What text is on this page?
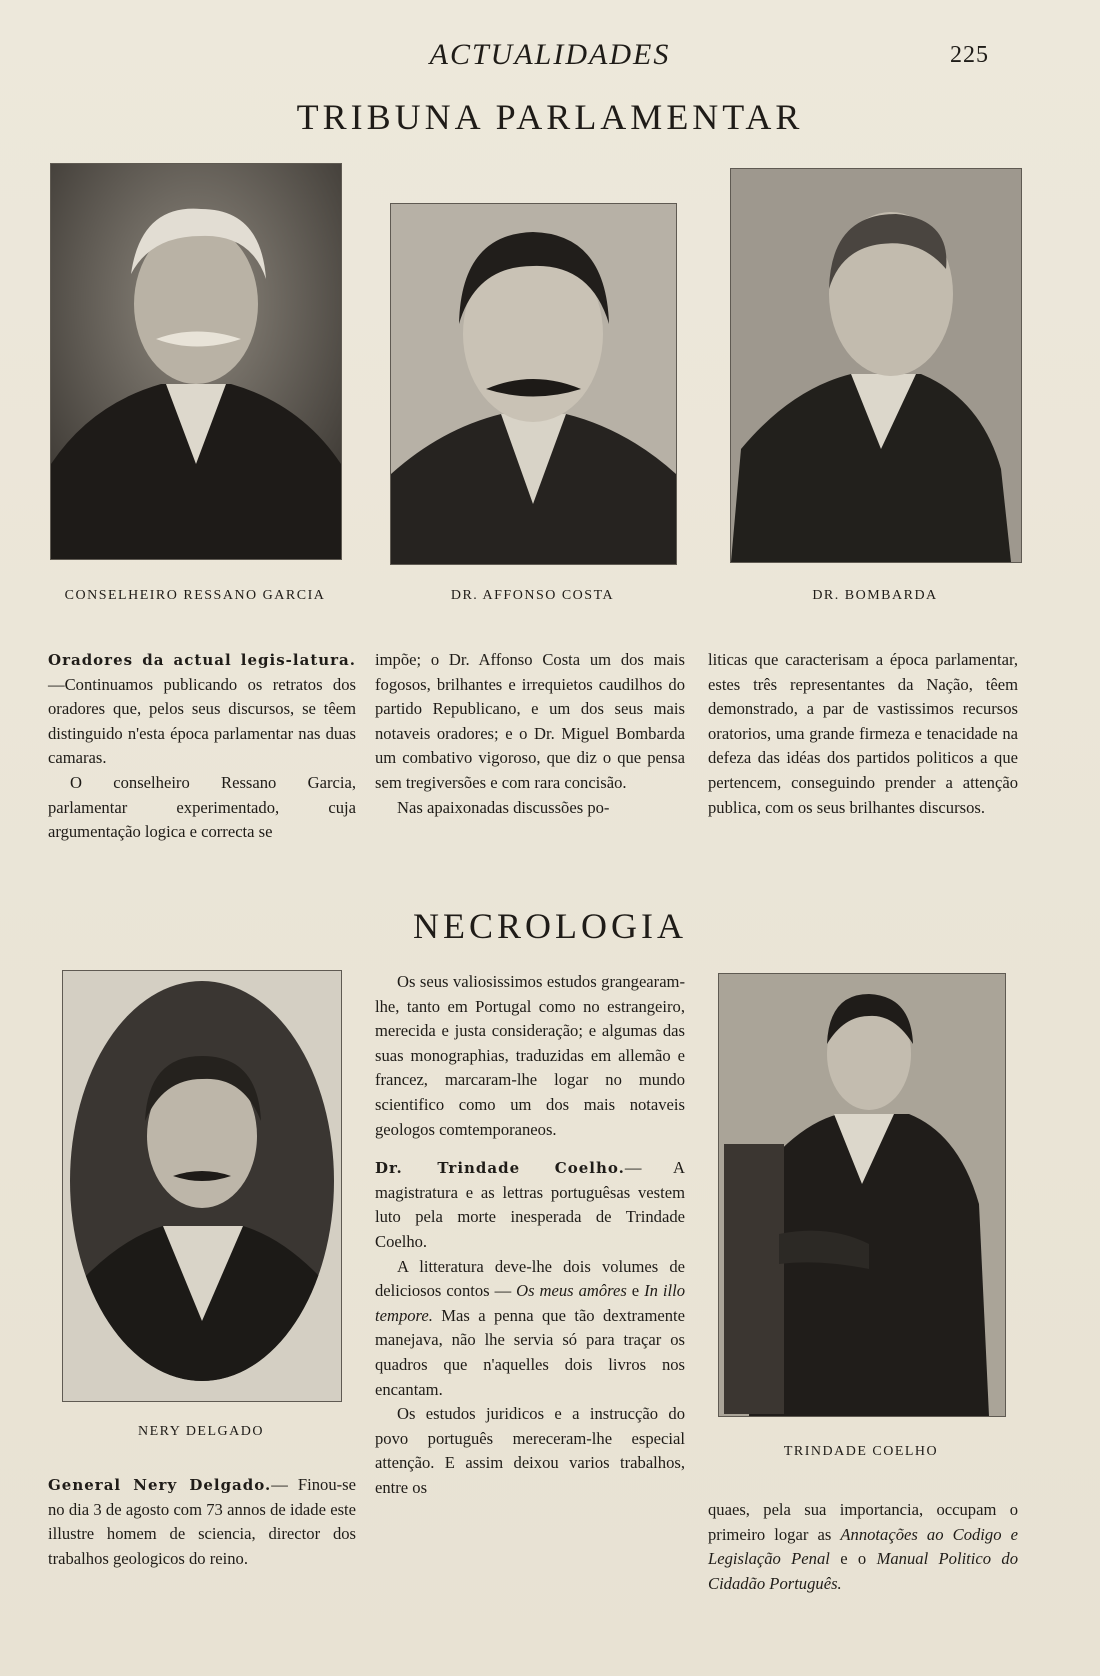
ACTUALIDADES	225
TRIBUNA PARLAMENTAR
CONSELHEIRO RESSANO GARCIA	DR. AFFONSO COSTA	DR. BOMBARDA

Oradores da actual legis-latura.—Continuamos publicando os retratos dos oradores que, pelos seus discursos, se têem distinguido n'esta época parlamentar nas duas camaras.

O conselheiro Ressano Garcia, parlamentar experimentado, cuja argumentação logica e correcta se

impõe; o Dr. Affonso Costa um dos mais fogosos, brilhantes e irrequietos caudilhos do partido Republicano, e um dos seus mais notaveis oradores; e o Dr. Miguel Bombarda um combativo vigoroso, que diz o que pensa sem tregiversões e com rara concisão.

Nas apaixonadas discussões po-

liticas que caracterisam a época parlamentar, estes três representantes da Nação, têem demonstrado, a par de vastissimos recursos oratorios, uma grande firmeza e tenacidade na defeza das idéas dos partidos politicos a que pertencem, conseguindo prender a attenção publica, com os seus brilhantes discursos.

NECROLOGIA
NERY DELGADO
TRINDADE COELHO

General Nery Delgado.— Finou-se no dia 3 de agosto com 73 annos de idade este illustre homem de sciencia, director dos trabalhos geologicos do reino.

Os seus valiosissimos estudos grangearam-lhe, tanto em Portugal como no estrangeiro, merecida e justa consideração; e algumas das suas monographias, traduzidas em allemão e francez, marcaram-lhe logar no mundo scientifico como um dos mais notaveis geologos comtemporaneos.

Dr. Trindade Coelho.— A magistratura e as lettras portuguêsas vestem luto pela morte inesperada de Trindade Coelho.

A litteratura deve-lhe dois volumes de deliciosos contos — Os meus amôres e In illo tempore. Mas a penna que tão dextramente manejava, não lhe servia só para traçar os quadros que n'aquelles dois livros nos encantam.

Os estudos juridicos e a instrucção do povo português mereceram-lhe especial attenção. E assim deixou varios trabalhos, entre os

quaes, pela sua importancia, occupam o primeiro logar as Annotações ao Codigo e Legislação Penal e o Manual Politico do Cidadão Português.
